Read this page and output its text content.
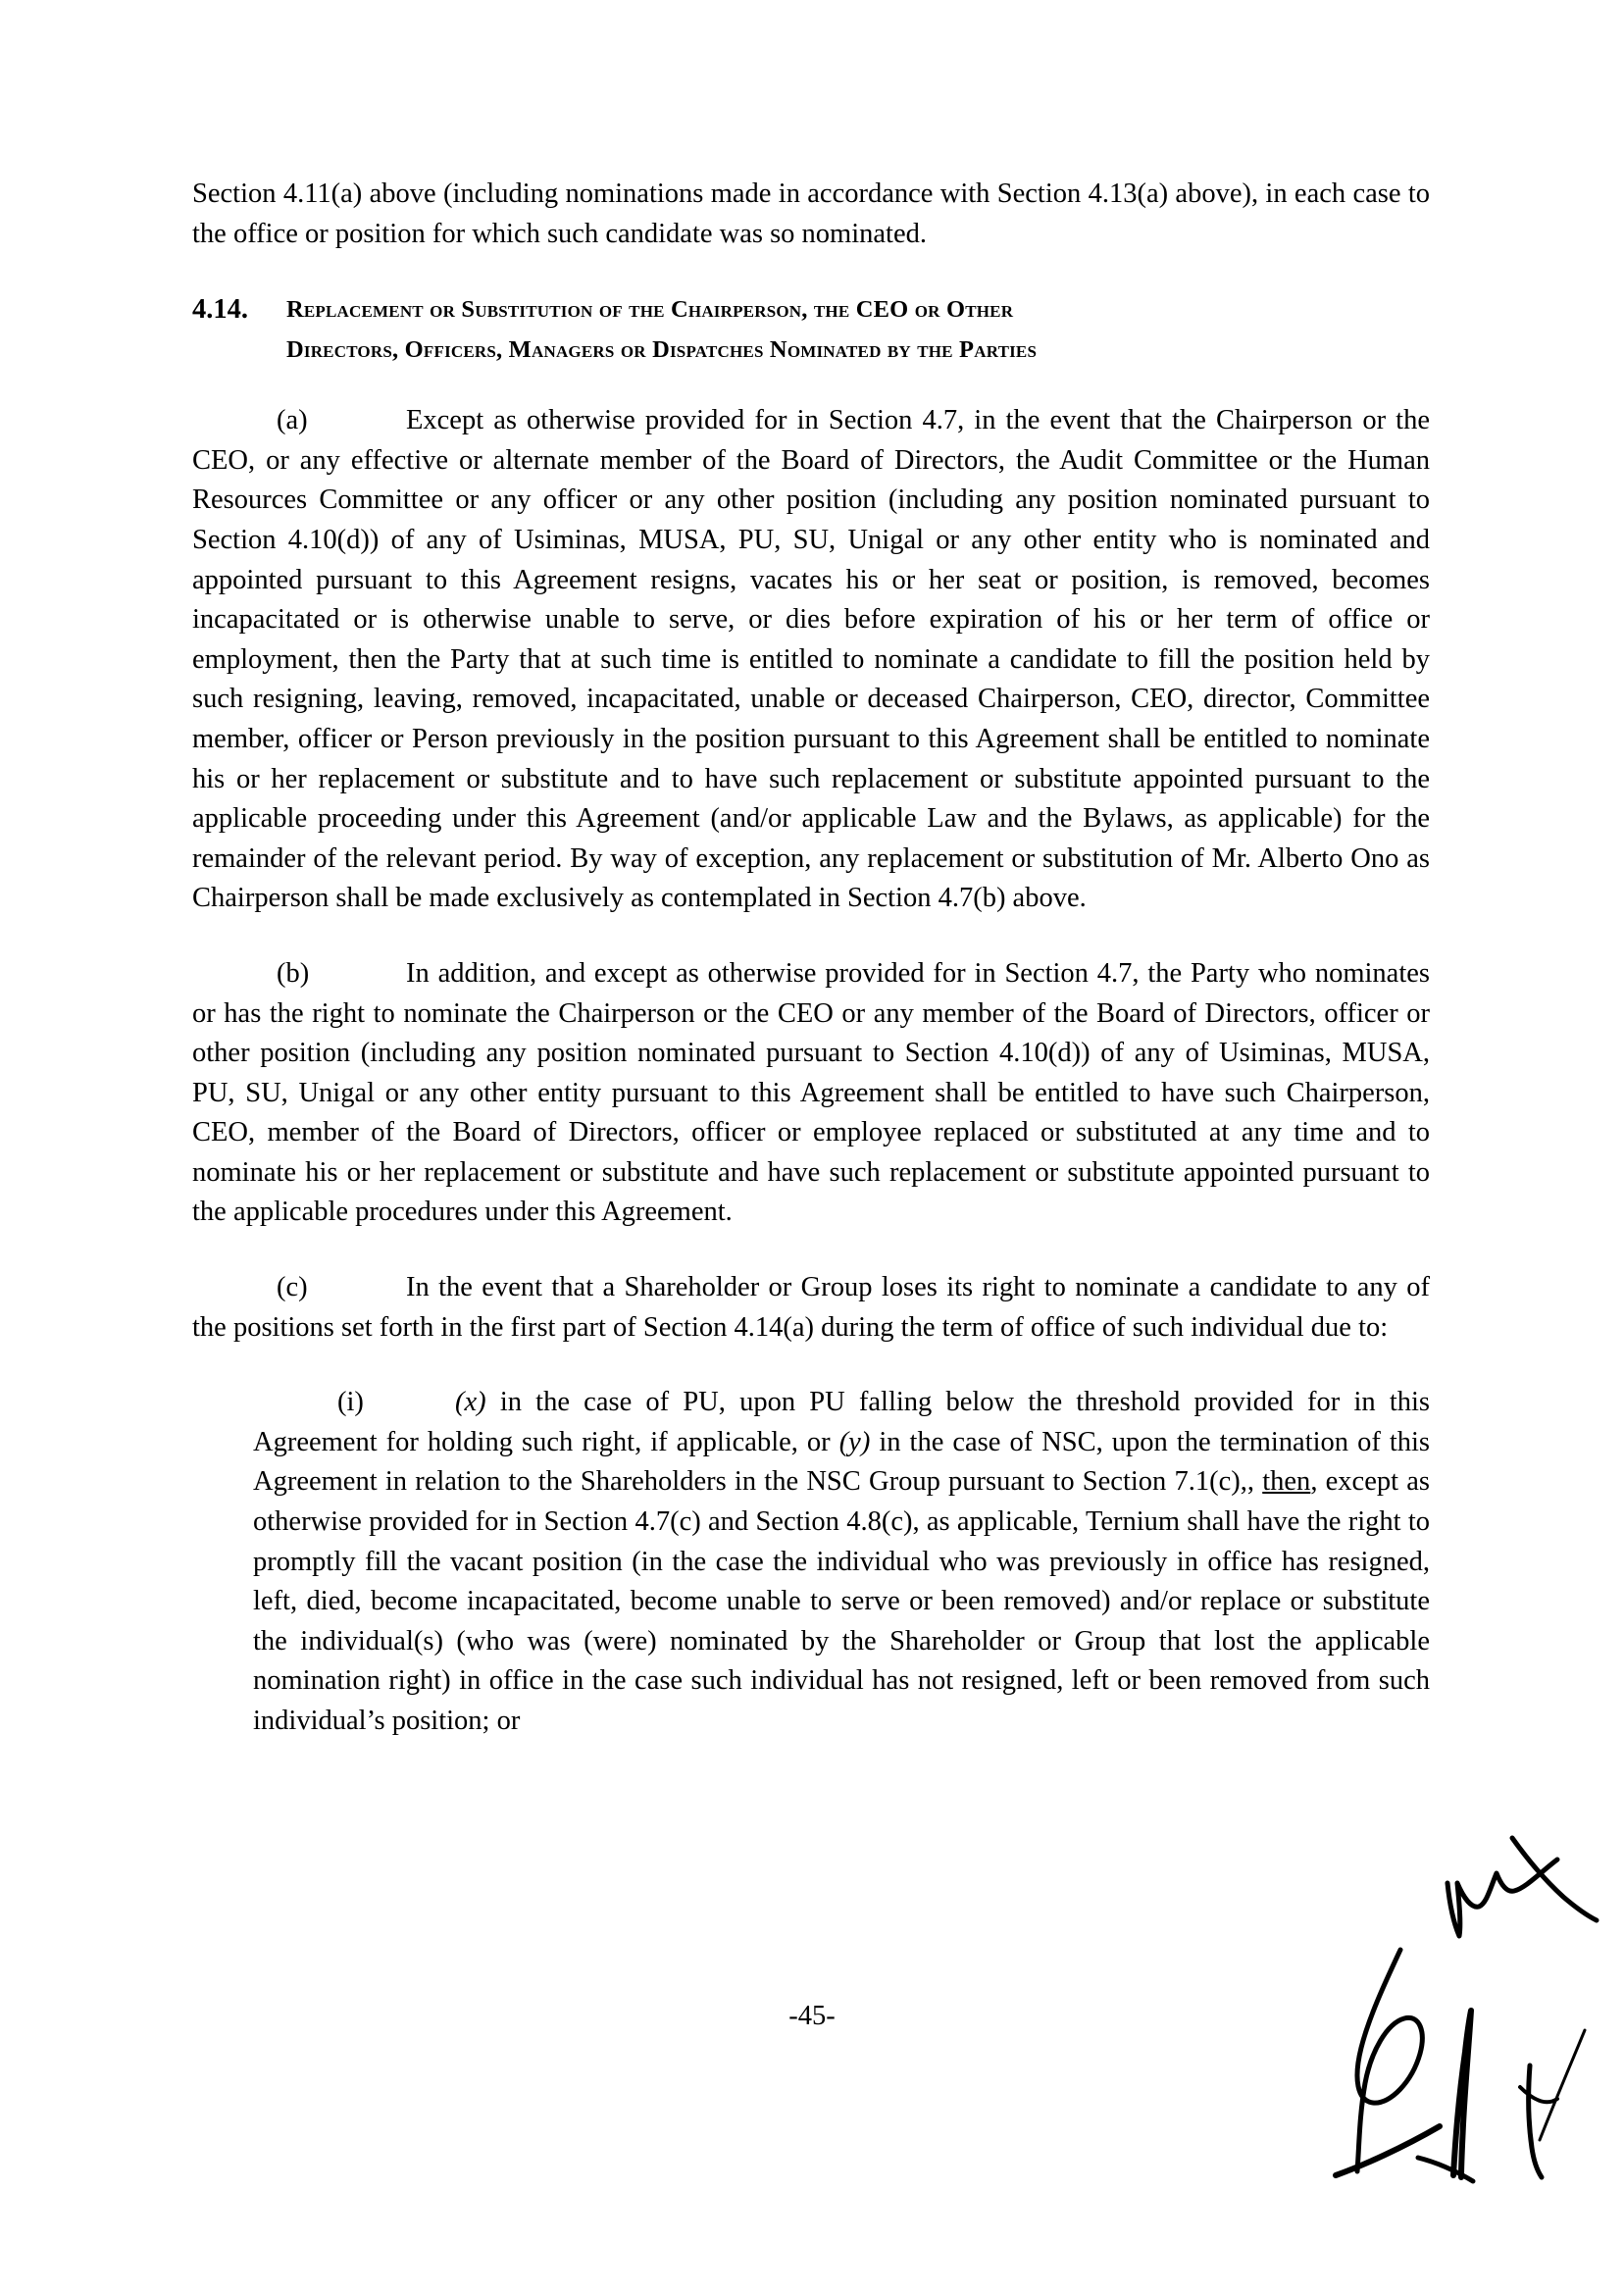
Section 4.11(a) above (including nominations made in accordance with Section 4.13(a) above), in each case to the office or position for which such candidate was so nominated.

4.14. Replacement or Substitution of the Chairperson, the CEO or Other
Directors, Officers, Managers or Dispatches Nominated by the Parties

(a)	Except as otherwise provided for in Section 4.7, in the event that the Chairperson or the CEO, or any effective or alternate member of the Board of Directors, the Audit Committee or the Human Resources Committee or any officer or any other position (including any position nominated pursuant to Section 4.10(d)) of any of Usiminas, MUSA, PU, SU, Unigal or any other entity who is nominated and appointed pursuant to this Agreement resigns, vacates his or her seat or position, is removed, becomes incapacitated or is otherwise unable to serve, or dies before expiration of his or her term of office or employment, then the Party that at such time is entitled to nominate a candidate to fill the position held by such resigning, leaving, removed, incapacitated, unable or deceased Chairperson, CEO, director, Committee member, officer or Person previously in the position pursuant to this Agreement shall be entitled to nominate his or her replacement or substitute and to have such replacement or substitute appointed pursuant to the applicable proceeding under this Agreement (and/or applicable Law and the Bylaws, as applicable) for the remainder of the relevant period. By way of exception, any replacement or substitution of Mr. Alberto Ono as Chairperson shall be made exclusively as contemplated in Section 4.7(b) above.

(b)	In addition, and except as otherwise provided for in Section 4.7, the Party who nominates or has the right to nominate the Chairperson or the CEO or any member of the Board of Directors, officer or other position (including any position nominated pursuant to Section 4.10(d)) of any of Usiminas, MUSA, PU, SU, Unigal or any other entity pursuant to this Agreement shall be entitled to have such Chairperson, CEO, member of the Board of Directors, officer or employee replaced or substituted at any time and to nominate his or her replacement or substitute and have such replacement or substitute appointed pursuant to the applicable procedures under this Agreement.

(c)	In the event that a Shareholder or Group loses its right to nominate a candidate to any of the positions set forth in the first part of Section 4.14(a) during the term of office of such individual due to:

(i)	(x) in the case of PU, upon PU falling below the threshold provided for in this Agreement for holding such right, if applicable, or (y) in the case of NSC, upon the termination of this Agreement in relation to the Shareholders in the NSC Group pursuant to Section 7.1(c),, then, except as otherwise provided for in Section 4.7(c) and Section 4.8(c), as applicable, Ternium shall have the right to promptly fill the vacant position (in the case the individual who was previously in office has resigned, left, died, become incapacitated, become unable to serve or been removed) and/or replace or substitute the individual(s) (who was (were) nominated by the Shareholder or Group that lost the applicable nomination right) in office in the case such individual has not resigned, left or been removed from such individual’s position; or

-45-
